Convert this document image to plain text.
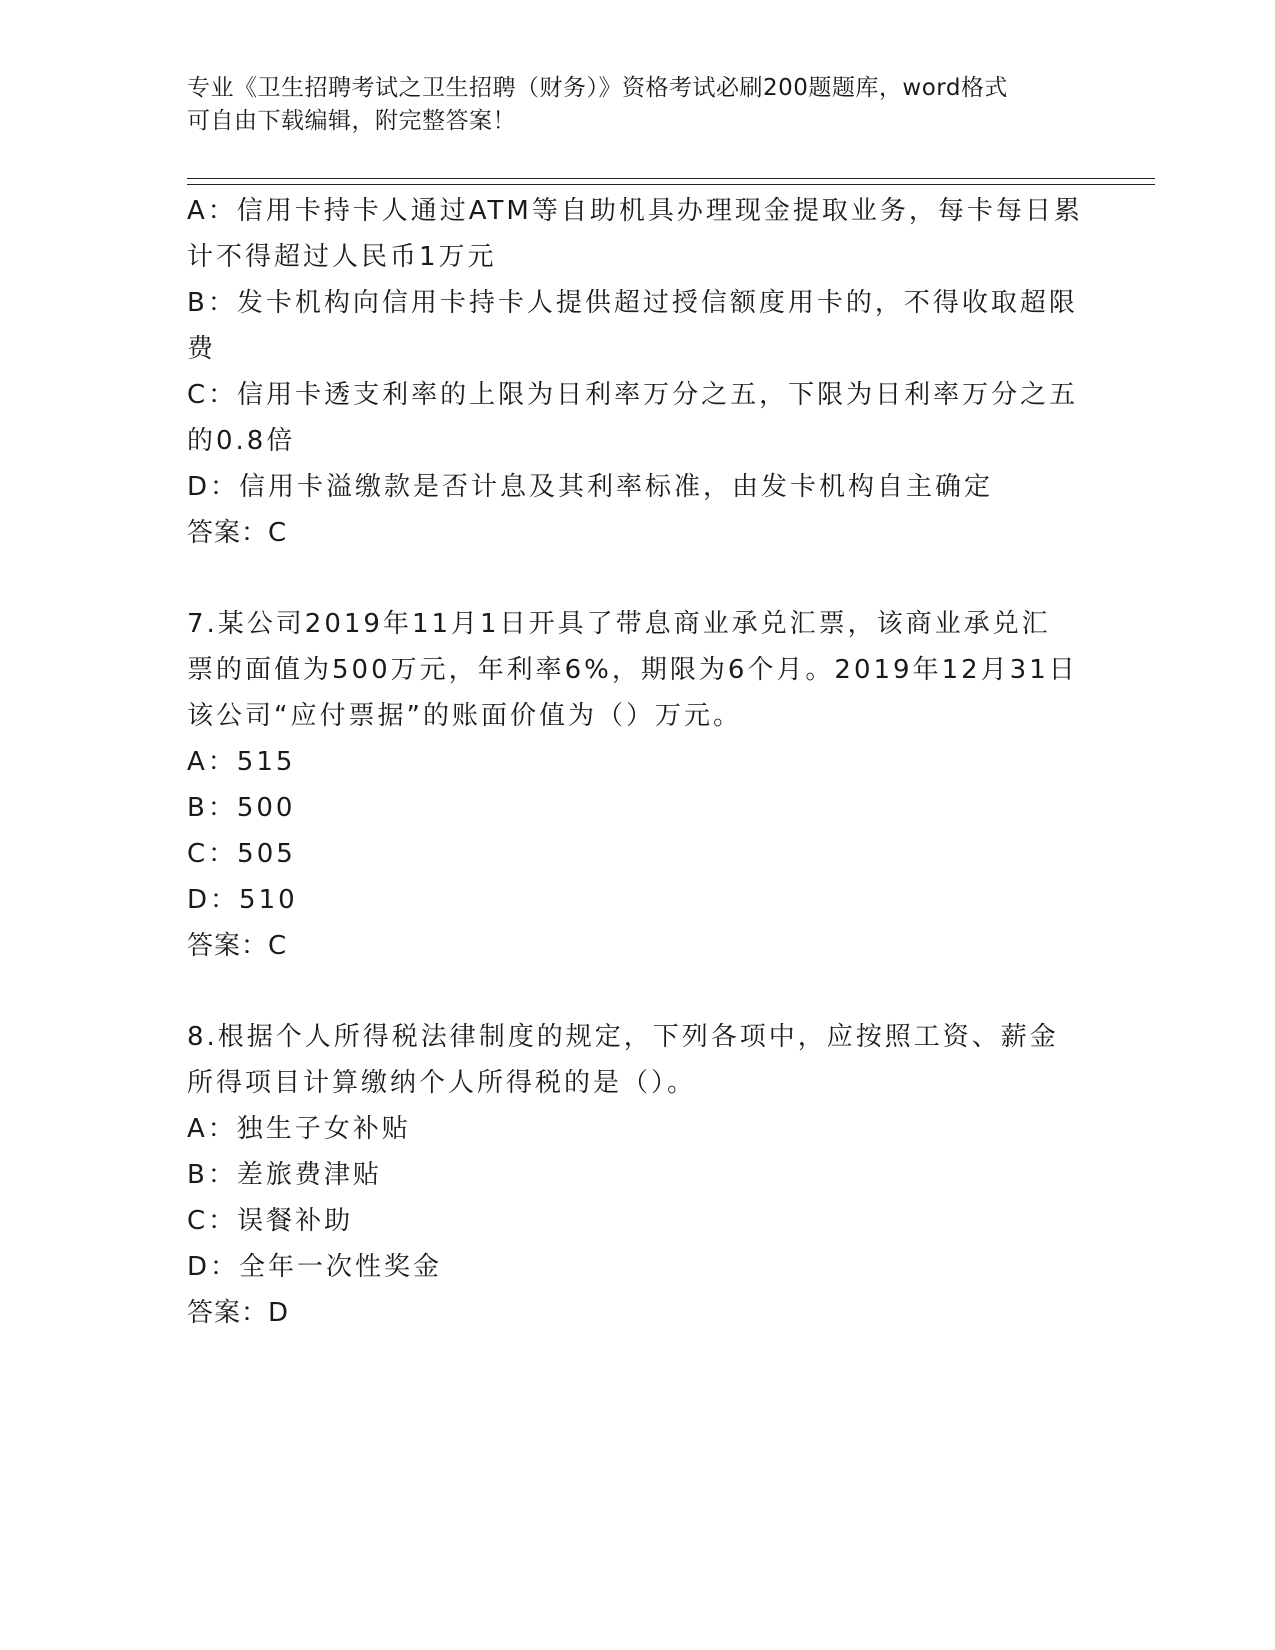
专业《卫生招聘考试之卫生招聘（财务）》资格考试必刷200题题库，word格式
可自由下载编辑，附完整答案！
A：信用卡持卡人通过ATM等自助机具办理现金提取业务，每卡每日累
计不得超过人民币1万元
B：发卡机构向信用卡持卡人提供超过授信额度用卡的，不得收取超限
费
C：信用卡透支利率的上限为日利率万分之五，下限为日利率万分之五
的0.8倍
D：信用卡溢缴款是否计息及其利率标准，由发卡机构自主确定
答案：C
7.某公司2019年11月1日开具了带息商业承兑汇票，该商业承兑汇
票的面值为500万元，年利率6%，期限为6个月。2019年12月31日
该公司“应付票据”的账面价值为（）万元。
A：515
B：500
C：505
D：510
答案：C
8.根据个人所得税法律制度的规定，下列各项中，应按照工资、薪金
所得项目计算缴纳个人所得税的是（）。
A：独生子女补贴
B：差旅费津贴
C：误餐补助
D：全年一次性奖金
答案：D
